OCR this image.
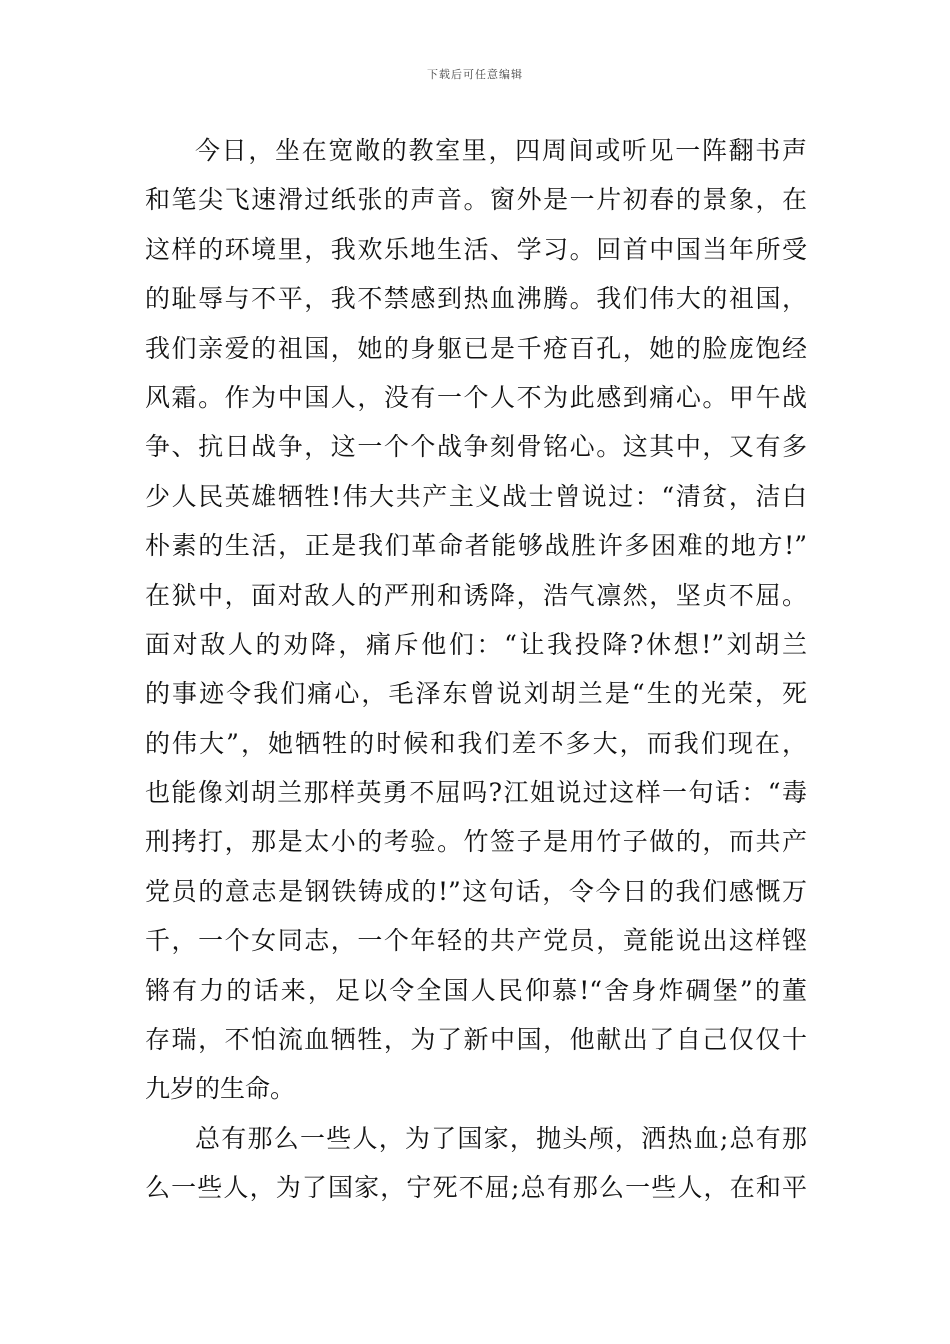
下载后可任意编辑
今日，坐在宽敞的教室里，四周间或听见一阵翻书声
和笔尖飞速滑过纸张的声音。窗外是一片初春的景象，在
这样的环境里，我欢乐地生活、学习。回首中国当年所受
的耻辱与不平，我不禁感到热血沸腾。我们伟大的祖国，
我们亲爱的祖国，她的身躯已是千疮百孔，她的脸庞饱经
风霜。作为中国人，没有一个人不为此感到痛心。甲午战
争、抗日战争，这一个个战争刻骨铭心。这其中，又有多
少人民英雄牺牲!伟大共产主义战士曾说过：“清贫，洁白
朴素的生活，正是我们革命者能够战胜许多困难的地方!”
在狱中，面对敌人的严刑和诱降，浩气凛然，坚贞不屈。
面对敌人的劝降，痛斥他们：“让我投降?休想!”刘胡兰
的事迹令我们痛心，毛泽东曾说刘胡兰是“生的光荣，死
的伟大”，她牺牲的时候和我们差不多大，而我们现在，
也能像刘胡兰那样英勇不屈吗?江姐说过这样一句话：“毒
刑拷打，那是太小的考验。竹签子是用竹子做的，而共产
党员的意志是钢铁铸成的!”这句话，令今日的我们感慨万
千，一个女同志，一个年轻的共产党员，竟能说出这样铿
锵有力的话来，足以令全国人民仰慕!“舍身炸碉堡”的董
存瑞，不怕流血牺牲，为了新中国，他献出了自己仅仅十
九岁的生命。
总有那么一些人，为了国家，抛头颅，洒热血;总有那
么一些人，为了国家，宁死不屈;总有那么一些人，在和平
